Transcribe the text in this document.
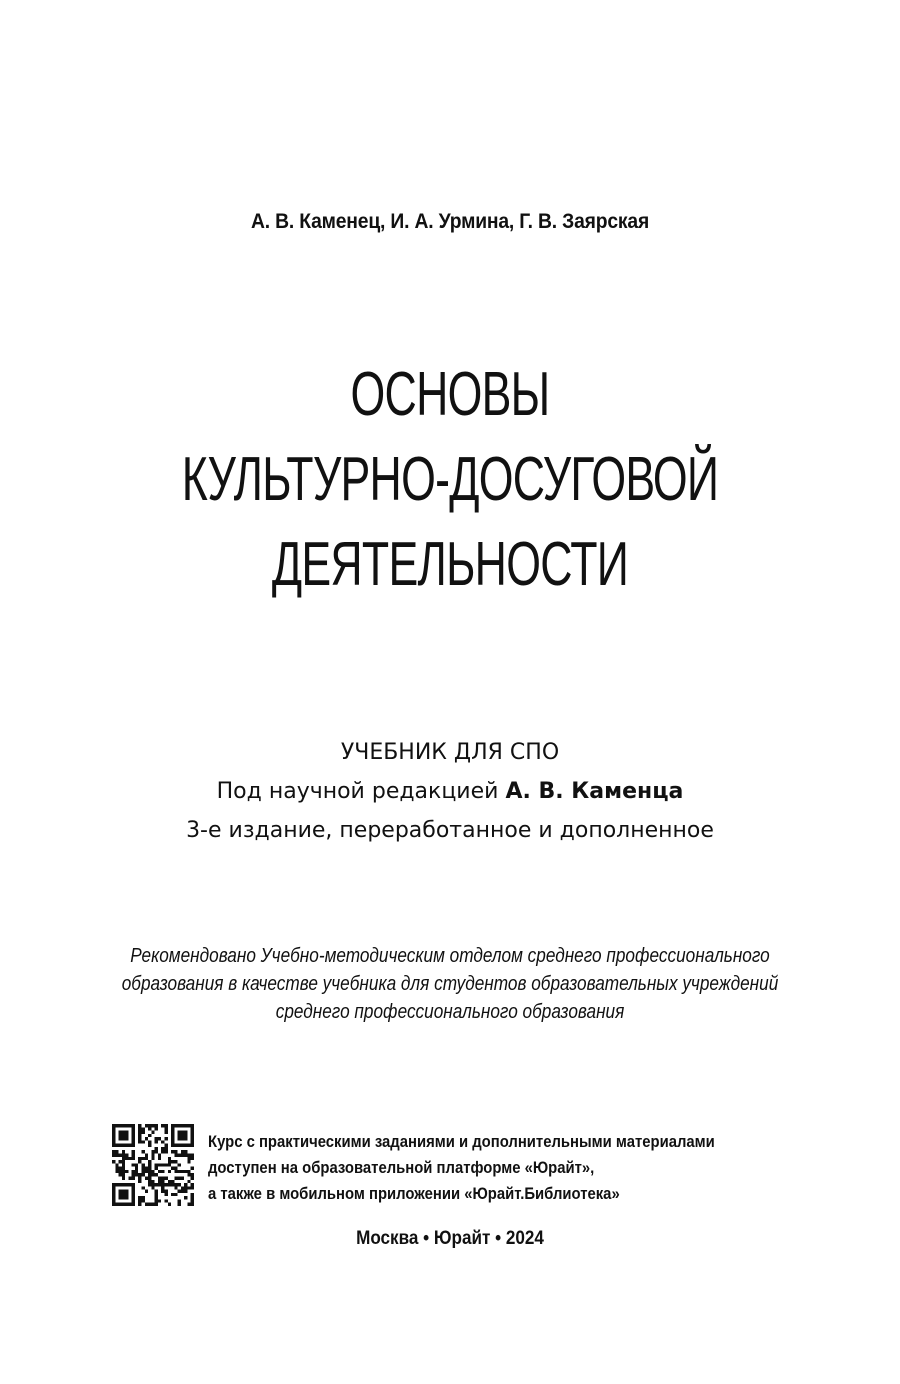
А. В. Каменец, И. А. Урмина, Г. В. Заярская
ОСНОВЫ
КУЛЬТУРНО-ДОСУГОВОЙ
ДЕЯТЕЛЬНОСТИ
УЧЕБНИК ДЛЯ СПО
Под научной редакцией А. В. Каменца
3-е издание, переработанное и дополненное
Рекомендовано Учебно-методическим отделом среднего профессионального
образования в качестве учебника для студентов образовательных учреждений
среднего профессионального образования
Курс с практическими заданиями и дополнительными материалами
доступен на образовательной платформе «Юрайт»,
а также в мобильном приложении «Юрайт.Библиотека»
Москва • Юрайт • 2024
